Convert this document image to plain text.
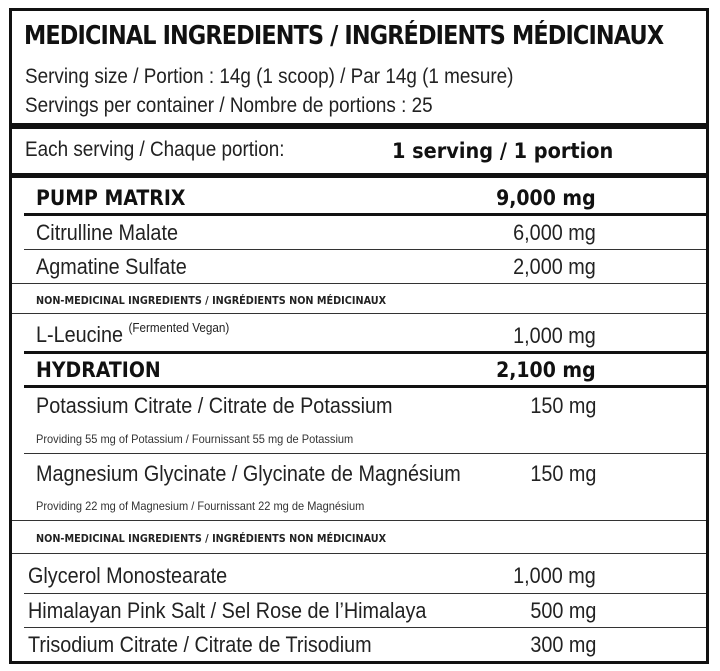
MEDICINAL INGREDIENTS / INGRÉDIENTS MÉDICINAUX
Serving size / Portion : 14g (1 scoop) / Par 14g (1 mesure)
Servings per container / Nombre de portions : 25
Each serving / Chaque portion:	1 serving / 1 portion
PUMP MATRIX	9,000 mg
Citrulline Malate	6,000 mg
Agmatine Sulfate	2,000 mg
NON-MEDICINAL INGREDIENTS / INGRÉDIENTS NON MÉDICINAUX
L-Leucine $^{(Fermented Vegan)}$	1,000 mg
HYDRATION	2,100 mg
Potassium Citrate / Citrate de Potassium	150 mg
Providing 55 mg of Potassium / Fournissant 55 mg de Potassium
Magnesium Glycinate / Glycinate de Magnésium	150 mg
Providing 22 mg of Magnesium / Fournissant 22 mg de Magnésium
NON-MEDICINAL INGREDIENTS / INGRÉDIENTS NON MÉDICINAUX
Glycerol Monostearate	1,000 mg
Himalayan Pink Salt / Sel Rose de l’Himalaya	500 mg
Trisodium Citrate / Citrate de Trisodium	300 mg
